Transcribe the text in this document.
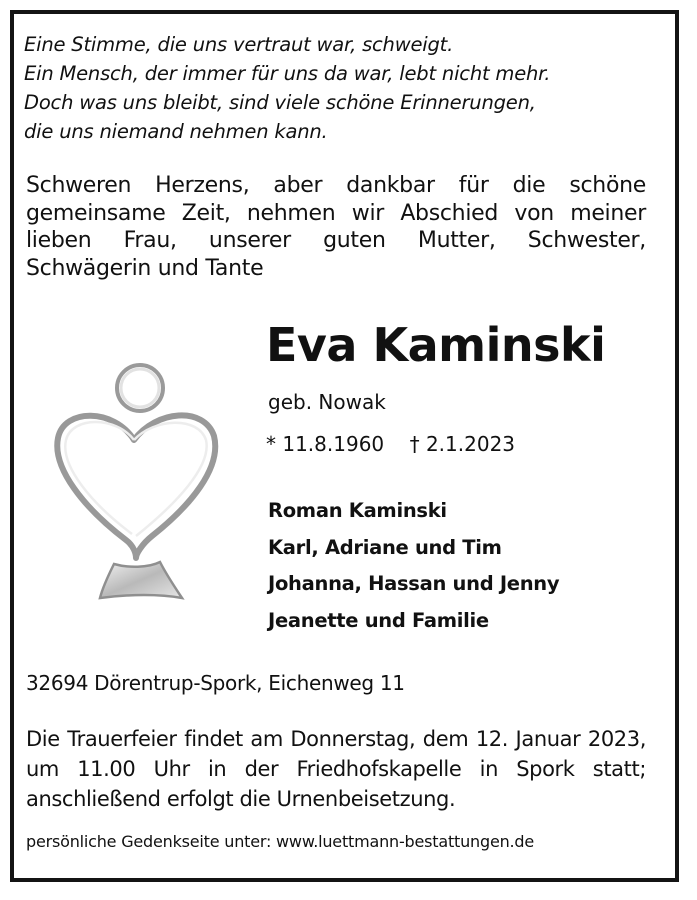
Eine Stimme, die uns vertraut war, schweigt.
Ein Mensch, der immer für uns da war, lebt nicht mehr.
Doch was uns bleibt, sind viele schöne Erinnerungen,
die uns niemand nehmen kann.
Schweren Herzens, aber dankbar für die schöne gemeinsame Zeit, nehmen wir Abschied von meiner lieben Frau, unserer guten Mutter, Schwester, Schwägerin und Tante
Eva Kaminski
geb. Nowak
* 11.8.1960 † 2.1.2023
Roman Kaminski
Karl, Adriane und Tim
Johanna, Hassan und Jenny
Jeanette und Familie
32694 Dörentrup-Spork, Eichenweg 11
Die Trauerfeier findet am Donnerstag, dem 12. Januar 2023, um 11.00 Uhr in der Friedhofskapelle in Spork statt; anschließend erfolgt die Urnenbeisetzung.
persönliche Gedenkseite unter: www.luettmann-bestattungen.de
